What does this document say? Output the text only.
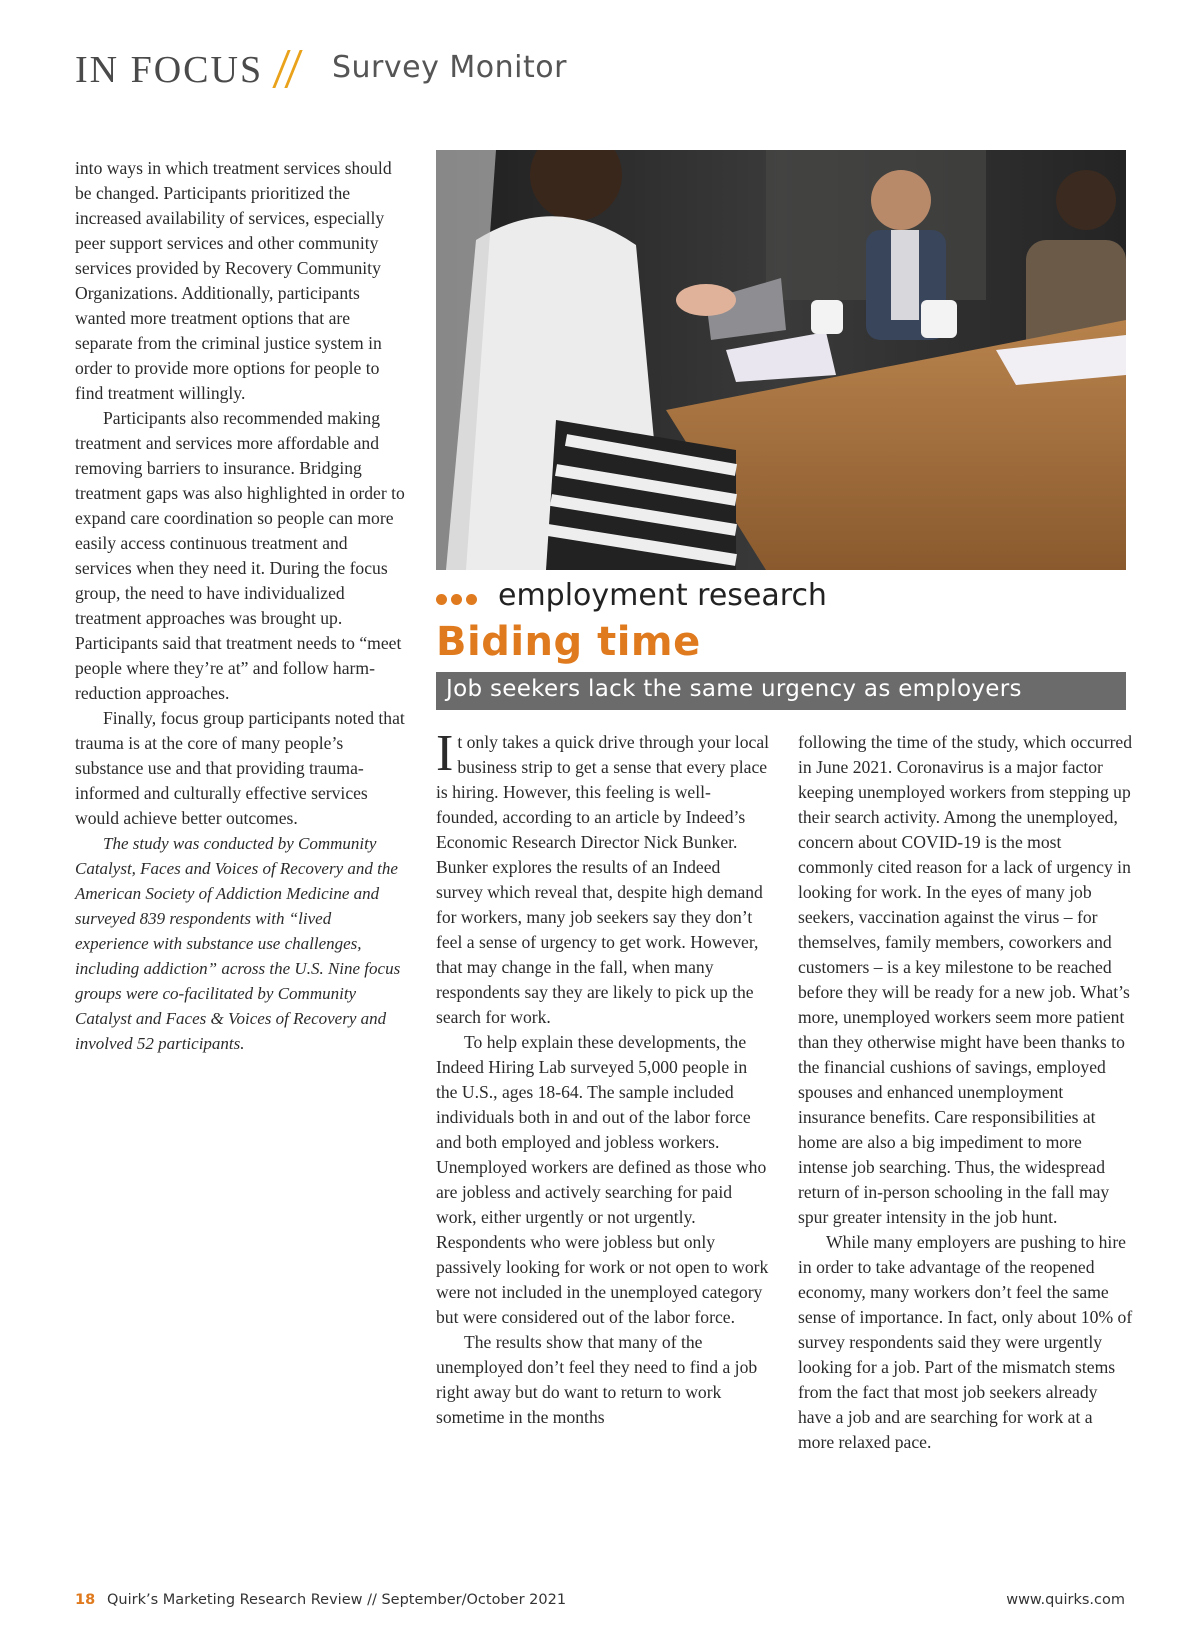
IN FOCUS Survey Monitor

into ways in which treatment services should be changed. Participants prioritized the increased availability of services, especially peer support services and other community services provided by Recovery Community Organizations. Additionally, participants wanted more treatment options that are separate from the criminal justice system in order to provide more options for people to find treatment willingly.

Participants also recommended making treatment and services more affordable and removing barriers to insurance. Bridging treatment gaps was also highlighted in order to expand care coordination so people can more easily access continuous treatment and services when they need it. During the focus group, the need to have individualized treatment approaches was brought up. Participants said that treatment needs to “meet people where they’re at” and follow harm-reduction approaches.

Finally, focus group participants noted that trauma is at the core of many people’s substance use and that providing trauma-informed and culturally effective services would achieve better outcomes.

The study was conducted by Community Catalyst, Faces and Voices of Recovery and the American Society of Addiction Medicine and surveyed 839 respondents with “lived experience with substance use challenges, including addiction” across the U.S. Nine focus groups were co-facilitated by Community Catalyst and Faces & Voices of Recovery and involved 52 participants.

employment research
Biding time
Job seekers lack the same urgency as employers

It only takes a quick drive through your local business strip to get a sense that every place is hiring. However, this feeling is well-founded, according to an article by Indeed’s Economic Research Director Nick Bunker. Bunker explores the results of an Indeed survey which reveal that, despite high demand for workers, many job seekers say they don’t feel a sense of urgency to get work. However, that may change in the fall, when many respondents say they are likely to pick up the search for work.

To help explain these developments, the Indeed Hiring Lab surveyed 5,000 people in the U.S., ages 18-64. The sample included individuals both in and out of the labor force and both employed and jobless workers. Unemployed workers are defined as those who are jobless and actively searching for paid work, either urgently or not urgently. Respondents who were jobless but only passively looking for work or not open to work were not included in the unemployed category but were considered out of the labor force.

The results show that many of the unemployed don’t feel they need to find a job right away but do want to return to work sometime in the months

following the time of the study, which occurred in June 2021. Coronavirus is a major factor keeping unemployed workers from stepping up their search activity. Among the unemployed, concern about COVID-19 is the most commonly cited reason for a lack of urgency in looking for work. In the eyes of many job seekers, vaccination against the virus – for themselves, family members, coworkers and customers – is a key milestone to be reached before they will be ready for a new job. What’s more, unemployed workers seem more patient than they otherwise might have been thanks to the financial cushions of savings, employed spouses and enhanced unemployment insurance benefits. Care responsibilities at home are also a big impediment to more intense job searching. Thus, the widespread return of in-person schooling in the fall may spur greater intensity in the job hunt.

While many employers are pushing to hire in order to take advantage of the reopened economy, many workers don’t feel the same sense of importance. In fact, only about 10% of survey respondents said they were urgently looking for a job. Part of the mismatch stems from the fact that most job seekers already have a job and are searching for work at a more relaxed pace.

18 Quirk’s Marketing Research Review // September/October 2021	www.quirks.com
